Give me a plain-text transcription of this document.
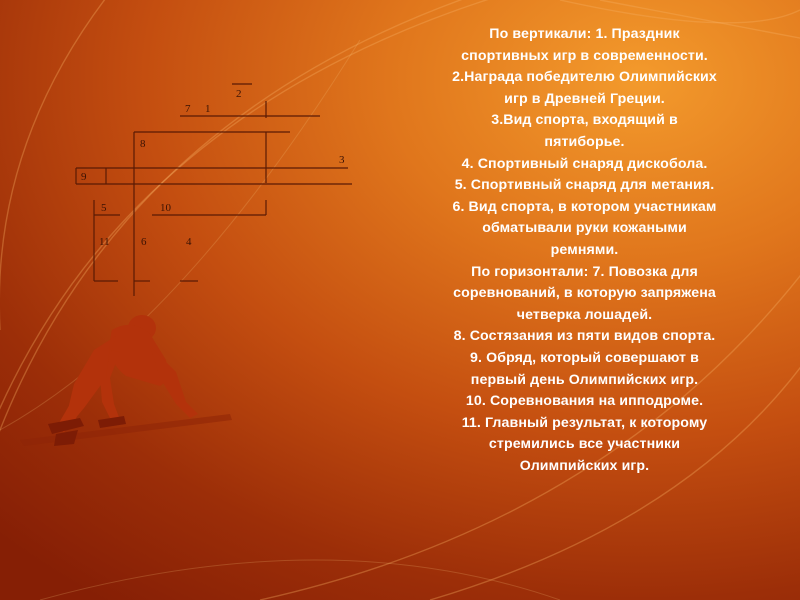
1
2
3
4
5
6
7
8
9
10
11
По вертикали: 1. Праздник
спортивных игр в современности.
2.Награда победителю Олимпийских
игр в Древней Греции.
3.Вид спорта, входящий в
пятиборье.
4. Спортивный снаряд дискобола.
5. Спортивный снаряд для метания.
6. Вид спорта, в котором участникам
обматывали руки кожаными
ремнями.
По горизонтали: 7. Повозка для
соревнований, в которую запряжена
четверка лошадей.
8. Состязания из пяти видов спорта.
9. Обряд, который совершают в
первый день Олимпийских игр.
10. Соревнования на ипподроме.
11. Главный результат, к которому
стремились все участники
Олимпийских игр.
